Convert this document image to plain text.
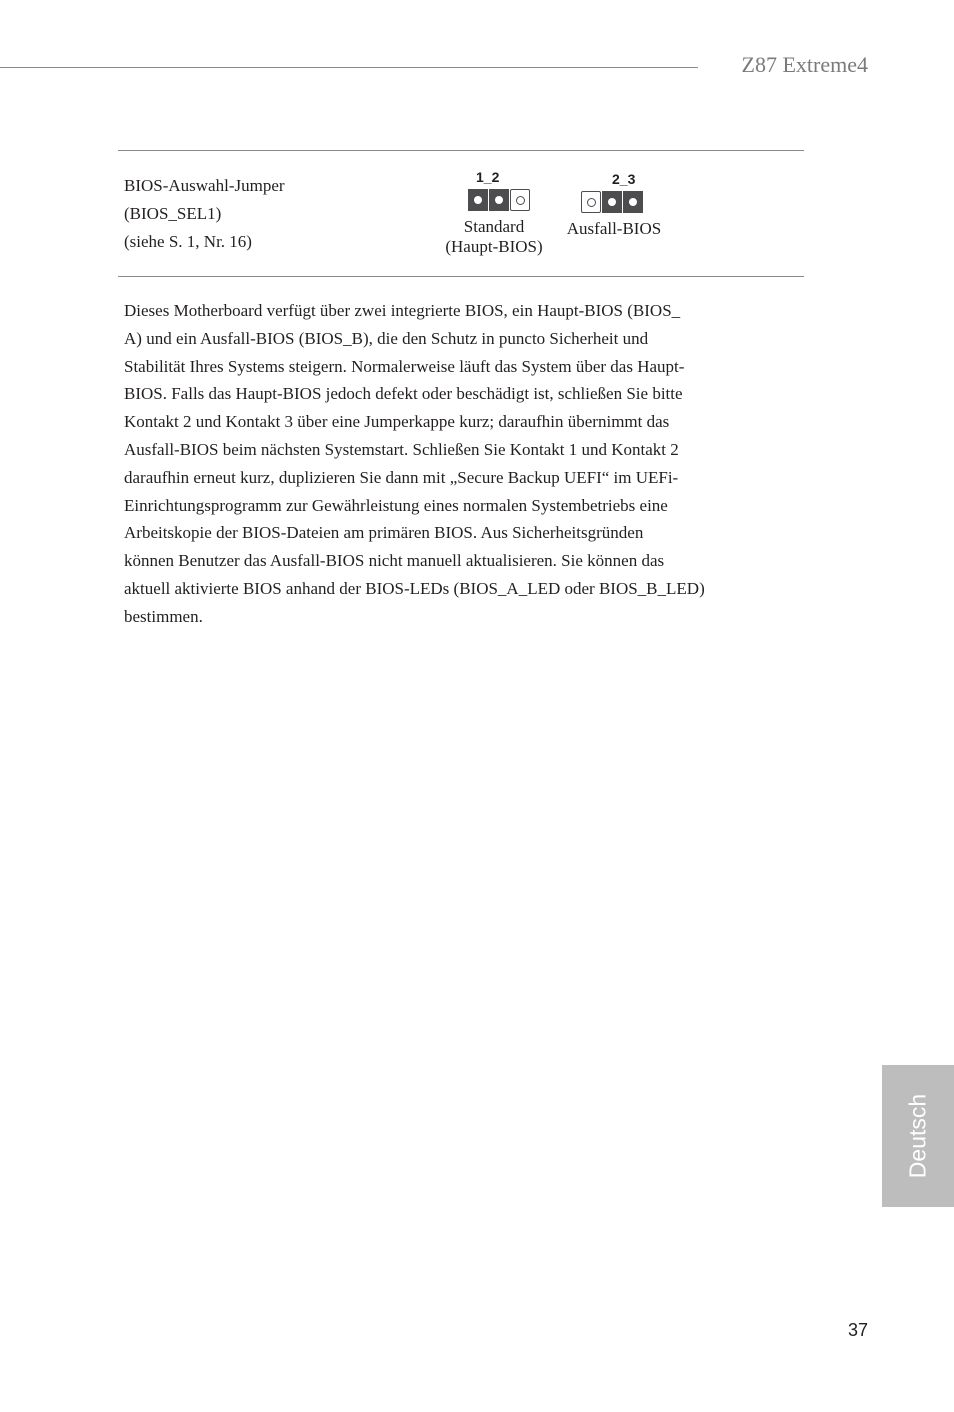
Z87 Extreme4
BIOS-Auswahl-Jumper
(BIOS_SEL1)
(siehe S. 1, Nr. 16)
1_2
Standard
(Haupt-BIOS)
2_3
Ausfall-BIOS
Dieses Motherboard verfügt über zwei integrierte BIOS, ein Haupt-BIOS (BIOS_
A) und ein Ausfall-BIOS (BIOS_B), die den Schutz in puncto Sicherheit und
Stabilität Ihres Systems steigern. Normalerweise läuft das System über das Haupt-
BIOS. Falls das Haupt-BIOS jedoch defekt oder beschädigt ist, schließen Sie bitte
Kontakt 2 und Kontakt 3 über eine Jumperkappe kurz; daraufhin übernimmt das
Ausfall-BIOS beim nächsten Systemstart. Schließen Sie Kontakt 1 und Kontakt 2
daraufhin erneut kurz, duplizieren Sie dann mit „Secure Backup UEFI“ im UEFi-
Einrichtungsprogramm zur Gewährleistung eines normalen Systembetriebs eine
Arbeitskopie der BIOS-Dateien am primären BIOS. Aus Sicherheitsgründen
können Benutzer das Ausfall-BIOS nicht manuell aktualisieren. Sie können das
aktuell aktivierte BIOS anhand der BIOS-LEDs (BIOS_A_LED oder BIOS_B_LED)
bestimmen.
Deutsch
37
